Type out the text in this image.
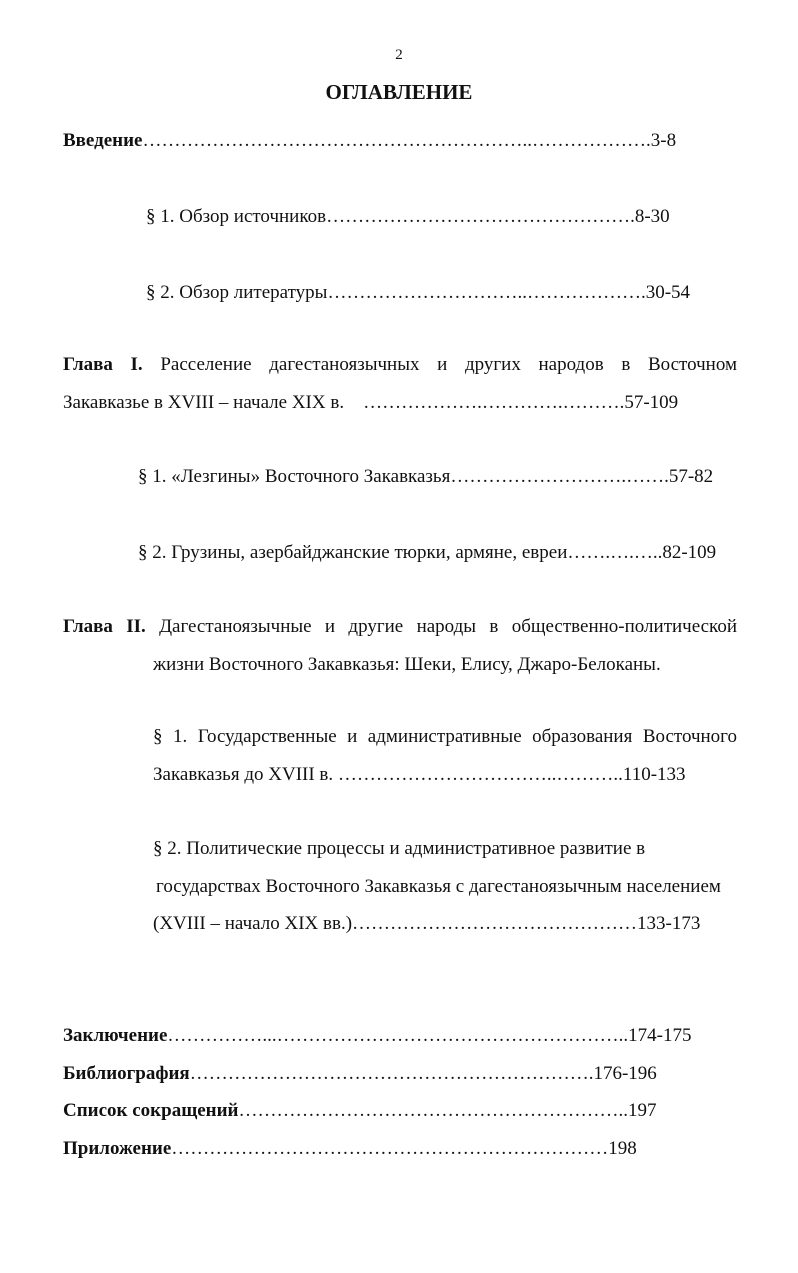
2
ОГЛАВЛЕНИЕ
Введение……………………………………………………..……………….3-8
§ 1. Обзор источников………………………………………….8-30
§ 2. Обзор литературы…………………………..……………….30-54
Глава I. Расселение дагестаноязычных и других народов в Восточном
Закавказье в XVIII – начале XIX в. ……………….………….……….57-109
§ 1. «Лезгины» Восточного Закавказья……………………….…….57-82
§ 2. Грузины, азербайджанские тюрки, армяне, евреи…….….…..82-109
Глава II. Дагестаноязычные и другие народы в общественно-политической
жизни Восточного Закавказья: Шеки, Елису, Джаро-Белоканы.
§ 1. Государственные и административные образования Восточного
Закавказья до XVIII в. ……………………………..………..110-133
§ 2. Политические процессы и административное развитие в
государствах Восточного Закавказья с дагестаноязычным населением
(XVIII – начало XIX вв.)………………………………………133-173
Заключение……………...………………………………………………..174-175
Библиография……………………………………………………….176-196
Список сокращений……………………………………………………..197
Приложение……………………………………………………………198
